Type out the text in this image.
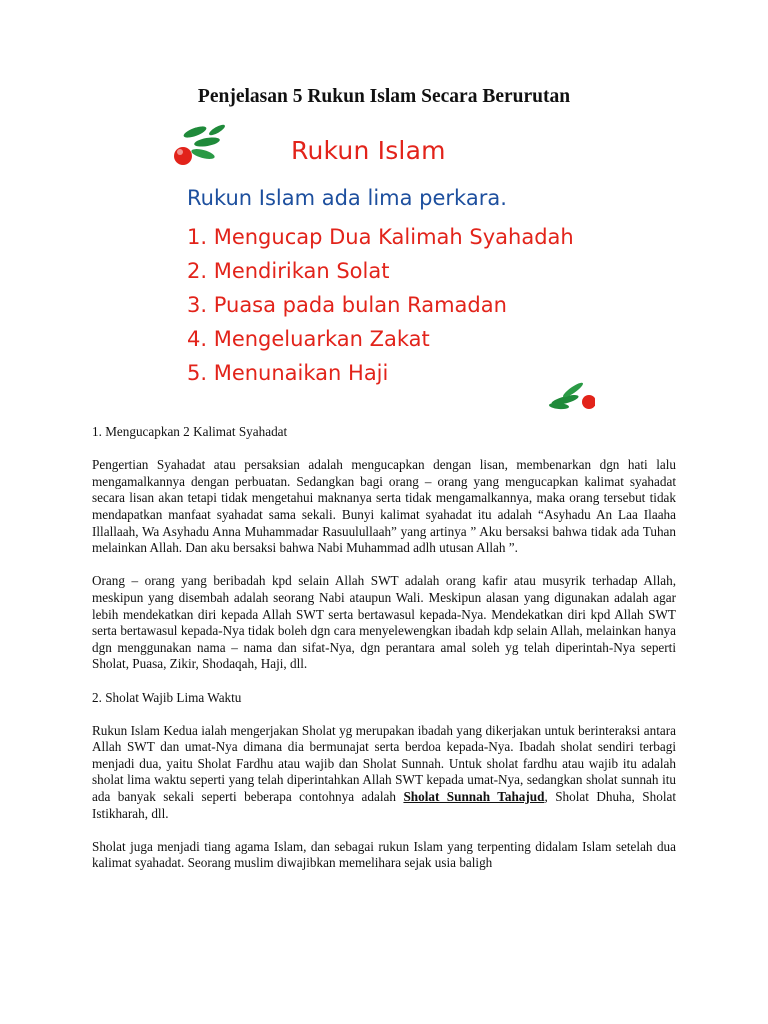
Penjelasan 5 Rukun Islam Secara Berurutan
Rukun Islam
Rukun Islam ada lima perkara.
1. Mengucap Dua Kalimah Syahadah
2. Mendirikan Solat
3. Puasa pada bulan Ramadan
4. Mengeluarkan Zakat
5. Menunaikan Haji

1. Mengucapkan 2 Kalimat Syahadat

Pengertian Syahadat atau persaksian adalah mengucapkan dengan lisan, membenarkan dgn hati lalu mengamalkannya dengan perbuatan. Sedangkan bagi orang – orang yang mengucapkan kalimat syahadat secara lisan akan tetapi tidak mengetahui maknanya serta tidak mengamalkannya, maka orang tersebut tidak mendapatkan manfaat syahadat sama sekali. Bunyi kalimat syahadat itu adalah “Asyhadu An Laa Ilaaha Illallaah, Wa Asyhadu Anna Muhammadar Rasuulullaah” yang artinya ” Aku bersaksi bahwa tidak ada Tuhan melainkan Allah. Dan aku bersaksi bahwa Nabi Muhammad adlh utusan Allah ”.

Orang – orang yang beribadah kpd selain Allah SWT adalah orang kafir atau musyrik terhadap Allah, meskipun yang disembah adalah seorang Nabi ataupun Wali. Meskipun alasan yang digunakan adalah agar lebih mendekatkan diri kepada Allah SWT serta bertawasul kepada-Nya. Mendekatkan diri kpd Allah SWT serta bertawasul kepada-Nya tidak boleh dgn cara menyelewengkan ibadah kdp selain Allah, melainkan hanya dgn menggunakan nama – nama dan sifat-Nya, dgn perantara amal soleh yg telah diperintah-Nya seperti Sholat, Puasa, Zikir, Shodaqah, Haji, dll.

2. Sholat Wajib Lima Waktu

Rukun Islam Kedua ialah mengerjakan Sholat yg merupakan ibadah yang dikerjakan untuk berinteraksi antara Allah SWT dan umat-Nya dimana dia bermunajat serta berdoa kepada-Nya. Ibadah sholat sendiri terbagi menjadi dua, yaitu Sholat Fardhu atau wajib dan Sholat Sunnah. Untuk sholat fardhu atau wajib itu adalah sholat lima waktu seperti yang telah diperintahkan Allah SWT kepada umat-Nya, sedangkan sholat sunnah itu ada banyak sekali seperti beberapa contohnya adalah Sholat Sunnah Tahajud, Sholat Dhuha, Sholat Istikharah, dll.

Sholat juga menjadi tiang agama Islam, dan sebagai rukun Islam yang terpenting didalam Islam setelah dua kalimat syahadat. Seorang muslim diwajibkan memelihara sejak usia baligh
